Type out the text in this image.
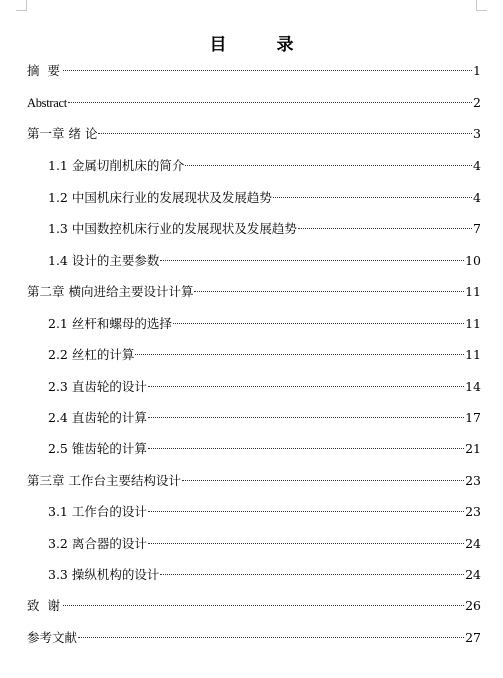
目 录
摘 要	1
Abstract	2
第一章 绪 论	3
1.1 金属切削机床的简介	4
1.2 中国机床行业的发展现状及发展趋势	4
1.3 中国数控机床行业的发展现状及发展趋势	7
1.4 设计的主要参数	10
第二章 横向进给主要设计计算	11
2.1 丝杆和螺母的选择	11
2.2 丝杠的计算	11
2.3 直齿轮的设计	14
2.4 直齿轮的计算	17
2.5 锥齿轮的计算	21
第三章 工作台主要结构设计	23
3.1 工作台的设计	23
3.2 离合器的设计	24
3.3 操纵机构的设计	24
致 谢	26
参考文献	27
